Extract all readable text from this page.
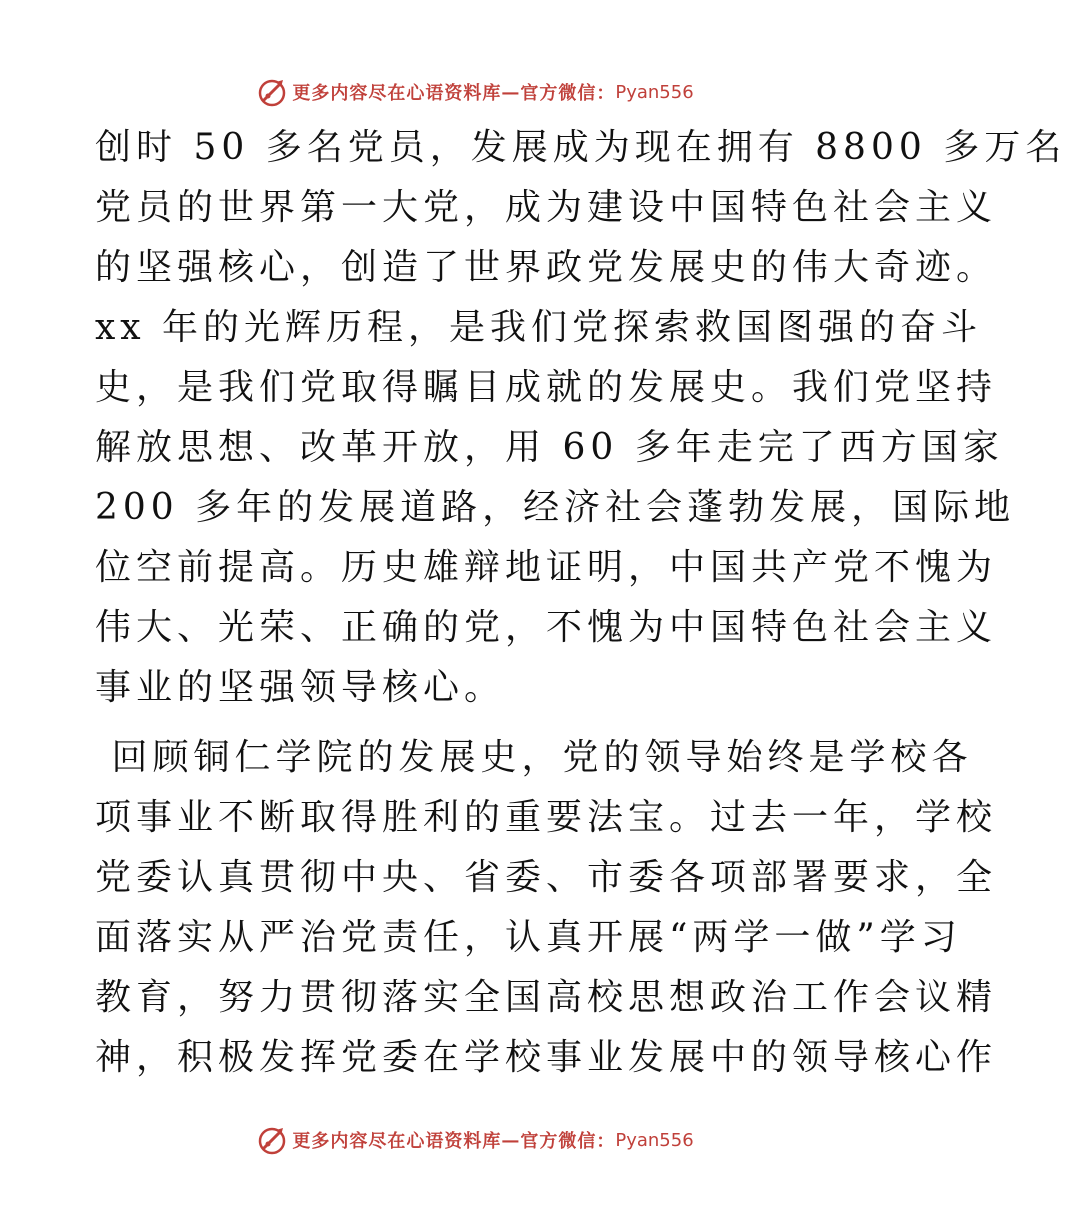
更多内容尽在心语资料库 — 官方微信： Pyan556
创时 50 多名党员，发展成为现在拥有 8800 多万名
党员的世界第一大党，成为建设中国特色社会主义
的坚强核心，创造了世界政党发展史的伟大奇迹。
xx 年的光辉历程，是我们党探索救国图强的奋斗
史，是我们党取得瞩目成就的发展史。我们党坚持
解放思想、改革开放，用 60 多年走完了西方国家
200 多年的发展道路，经济社会蓬勃发展，国际地
位空前提高。历史雄辩地证明，中国共产党不愧为
伟大、光荣、正确的党，不愧为中国特色社会主义
事业的坚强领导核心。
回顾铜仁学院的发展史，党的领导始终是学校各
项事业不断取得胜利的重要法宝。过去一年，学校
党委认真贯彻中央、省委、市委各项部署要求，全
面落实从严治党责任，认真开展“两学一做”学习
教育，努力贯彻落实全国高校思想政治工作会议精
神，积极发挥党委在学校事业发展中的领导核心作
更多内容尽在心语资料库 — 官方微信： Pyan556
